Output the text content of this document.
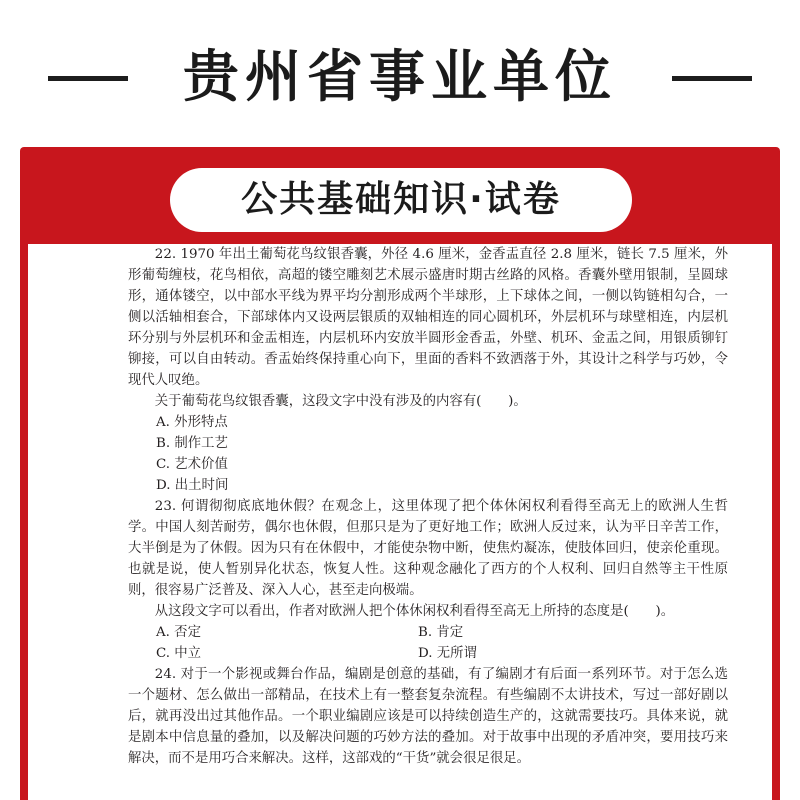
贵州省事业单位
公共基础知识·试卷

22. 1970 年出土葡萄花鸟纹银香囊，外径 4.6 厘米，金香盂直径 2.8 厘米，链长 7.5 厘米，外形葡萄缠枝，花鸟相依，高超的镂空雕刻艺术展示盛唐时期古丝路的风格。香囊外壁用银制，呈圆球形，通体镂空，以中部水平线为界平均分割形成两个半球形，上下球体之间，一侧以钩链相勾合，一侧以活轴相套合，下部球体内又设两层银质的双轴相连的同心圆机环，外层机环与球壁相连，内层机环分别与外层机环和金盂相连，内层机环内安放半圆形金香盂，外壁、机环、金盂之间，用银质铆钉铆接，可以自由转动。香盂始终保持重心向下，里面的香料不致洒落于外，其设计之科学与巧妙，令现代人叹绝。

关于葡萄花鸟纹银香囊，这段文字中没有涉及的内容有(　　)。

A. 外形特点

B. 制作工艺

C. 艺术价值

D. 出土时间

23. 何谓彻彻底底地休假？在观念上，这里体现了把个体休闲权利看得至高无上的欧洲人生哲学。中国人刻苦耐劳，偶尔也休假，但那只是为了更好地工作；欧洲人反过来，认为平日辛苦工作，大半倒是为了休假。因为只有在休假中，才能使杂物中断，使焦灼凝冻，使肢体回归，使亲伦重现。也就是说，使人暂别异化状态，恢复人性。这种观念融化了西方的个人权利、回归自然等主干性原则，很容易广泛普及、深入人心，甚至走向极端。

从这段文字可以看出，作者对欧洲人把个体休闲权利看得至高无上所持的态度是(　　)。

A. 否定	B. 肯定
C. 中立	D. 无所谓

24. 对于一个影视或舞台作品，编剧是创意的基础，有了编剧才有后面一系列环节。对于怎么选一个题材、怎么做出一部精品，在技术上有一整套复杂流程。有些编剧不太讲技术，写过一部好剧以后，就再没出过其他作品。一个职业编剧应该是可以持续创造生产的，这就需要技巧。具体来说，就是剧本中信息量的叠加，以及解决问题的巧妙方法的叠加。对于故事中出现的矛盾冲突，要用技巧来解决，而不是用巧合来解决。这样，这部戏的“干货”就会很足很足。
